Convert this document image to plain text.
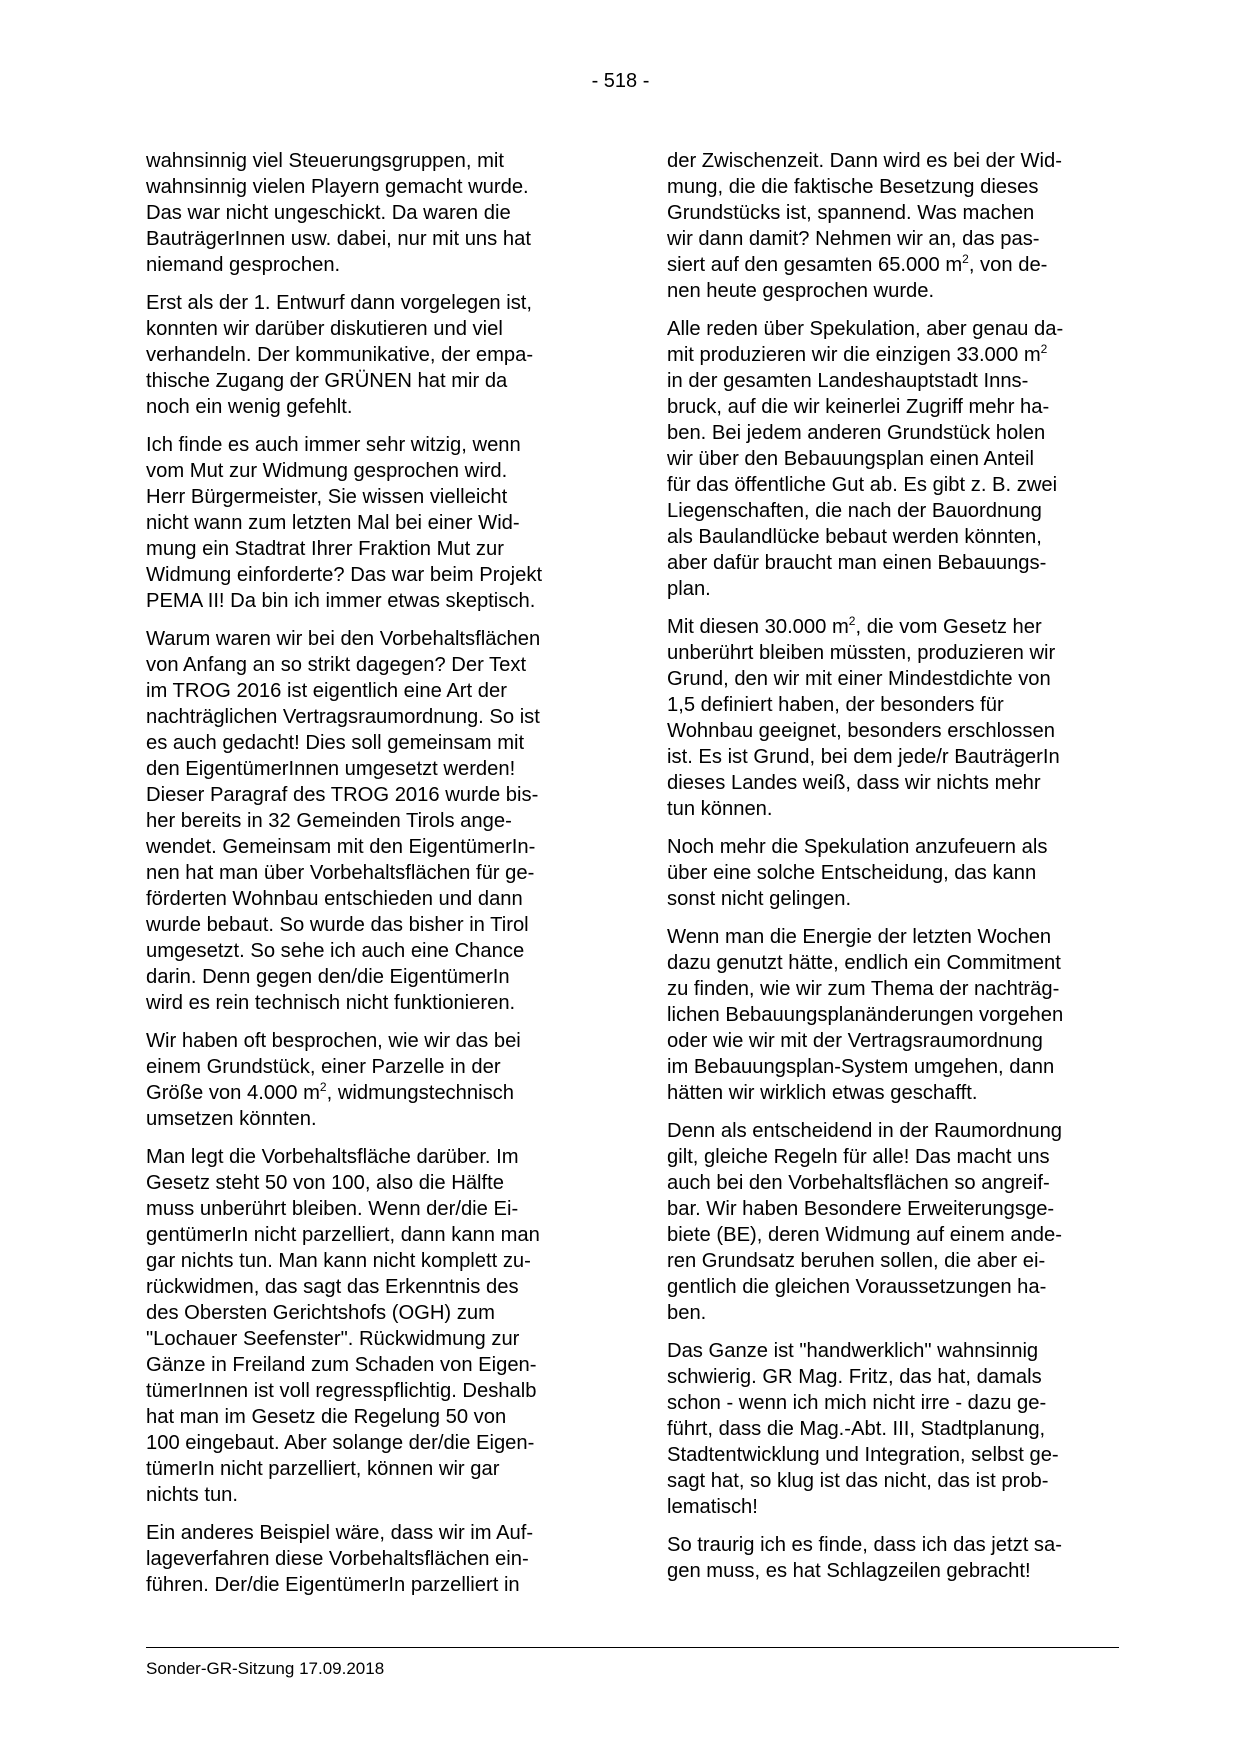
- 518 -

wahnsinnig viel Steuerungsgruppen, mit
wahnsinnig vielen Playern gemacht wurde.
Das war nicht ungeschickt. Da waren die
BauträgerInnen usw. dabei, nur mit uns hat
niemand gesprochen.

Erst als der 1. Entwurf dann vorgelegen ist,
konnten wir darüber diskutieren und viel
verhandeln. Der kommunikative, der empa-
thische Zugang der GRÜNEN hat mir da
noch ein wenig gefehlt.

Ich finde es auch immer sehr witzig, wenn
vom Mut zur Widmung gesprochen wird.
Herr Bürgermeister, Sie wissen vielleicht
nicht wann zum letzten Mal bei einer Wid-
mung ein Stadtrat Ihrer Fraktion Mut zur
Widmung einforderte? Das war beim Projekt
PEMA II! Da bin ich immer etwas skeptisch.

Warum waren wir bei den Vorbehaltsflächen
von Anfang an so strikt dagegen? Der Text
im TROG 2016 ist eigentlich eine Art der
nachträglichen Vertragsraumordnung. So ist
es auch gedacht! Dies soll gemeinsam mit
den EigentümerInnen umgesetzt werden!
Dieser Paragraf des TROG 2016 wurde bis-
her bereits in 32 Gemeinden Tirols ange-
wendet. Gemeinsam mit den EigentümerIn-
nen hat man über Vorbehaltsflächen für ge-
förderten Wohnbau entschieden und dann
wurde bebaut. So wurde das bisher in Tirol
umgesetzt. So sehe ich auch eine Chance
darin. Denn gegen den/die EigentümerIn
wird es rein technisch nicht funktionieren.

Wir haben oft besprochen, wie wir das bei
einem Grundstück, einer Parzelle in der
Größe von 4.000 $m^2$, widmungstechnisch
umsetzen könnten.

Man legt die Vorbehaltsfläche darüber. Im
Gesetz steht 50 von 100, also die Hälfte
muss unberührt bleiben. Wenn der/die Ei-
gentümerIn nicht parzelliert, dann kann man
gar nichts tun. Man kann nicht komplett zu-
rückwidmen, das sagt das Erkenntnis des
des Obersten Gerichtshofs (OGH) zum
"Lochauer Seefenster". Rückwidmung zur
Gänze in Freiland zum Schaden von Eigen-
tümerInnen ist voll regresspflichtig. Deshalb
hat man im Gesetz die Regelung 50 von
100 eingebaut. Aber solange der/die Eigen-
tümerIn nicht parzelliert, können wir gar
nichts tun.

Ein anderes Beispiel wäre, dass wir im Auf-
lageverfahren diese Vorbehaltsflächen ein-
führen. Der/die EigentümerIn parzelliert in

der Zwischenzeit. Dann wird es bei der Wid-
mung, die die faktische Besetzung dieses
Grundstücks ist, spannend. Was machen
wir dann damit? Nehmen wir an, das pas-
siert auf den gesamten 65.000 $m^2$, von de-
nen heute gesprochen wurde.

Alle reden über Spekulation, aber genau da-
mit produzieren wir die einzigen 33.000 $m^2$
in der gesamten Landeshauptstadt Inns-
bruck, auf die wir keinerlei Zugriff mehr ha-
ben. Bei jedem anderen Grundstück holen
wir über den Bebauungsplan einen Anteil
für das öffentliche Gut ab. Es gibt z. B. zwei
Liegenschaften, die nach der Bauordnung
als Baulandlücke bebaut werden könnten,
aber dafür braucht man einen Bebauungs-
plan.

Mit diesen 30.000 $m^2$, die vom Gesetz her
unberührt bleiben müssten, produzieren wir
Grund, den wir mit einer Mindestdichte von
1,5 definiert haben, der besonders für
Wohnbau geeignet, besonders erschlossen
ist. Es ist Grund, bei dem jede/r BauträgerIn
dieses Landes weiß, dass wir nichts mehr
tun können.

Noch mehr die Spekulation anzufeuern als
über eine solche Entscheidung, das kann
sonst nicht gelingen.

Wenn man die Energie der letzten Wochen
dazu genutzt hätte, endlich ein Commitment
zu finden, wie wir zum Thema der nachträg-
lichen Bebauungsplanänderungen vorgehen
oder wie wir mit der Vertragsraumordnung
im Bebauungsplan-System umgehen, dann
hätten wir wirklich etwas geschafft.

Denn als entscheidend in der Raumordnung
gilt, gleiche Regeln für alle! Das macht uns
auch bei den Vorbehaltsflächen so angreif-
bar. Wir haben Besondere Erweiterungsge-
biete (BE), deren Widmung auf einem ande-
ren Grundsatz beruhen sollen, die aber ei-
gentlich die gleichen Voraussetzungen ha-
ben.

Das Ganze ist "handwerklich" wahnsinnig
schwierig. GR Mag. Fritz, das hat, damals
schon - wenn ich mich nicht irre - dazu ge-
führt, dass die Mag.-Abt. III, Stadtplanung,
Stadtentwicklung und Integration, selbst ge-
sagt hat, so klug ist das nicht, das ist prob-
lematisch!

So traurig ich es finde, dass ich das jetzt sa-
gen muss, es hat Schlagzeilen gebracht!

Sonder-GR-Sitzung 17.09.2018
